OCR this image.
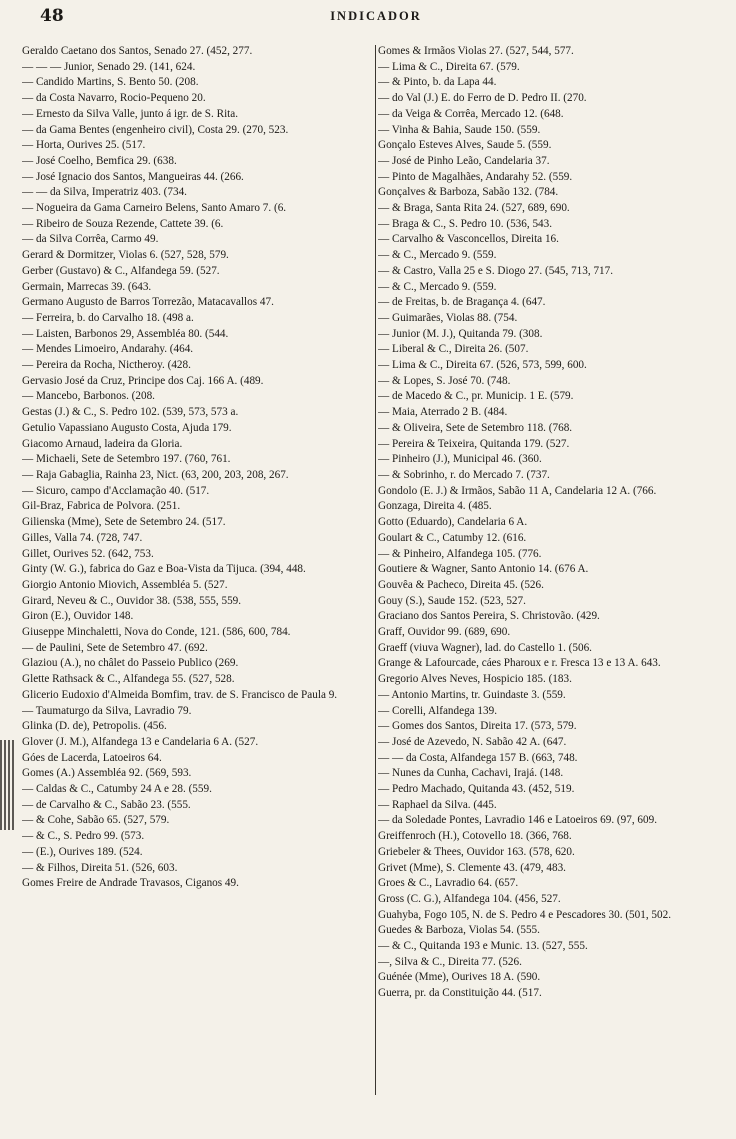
48	INDICADOR
Geraldo Caetano dos Santos, Senado 27. (452, 277.
— — — Junior, Senado 29. (141, 624.
— Candido Martins, S. Bento 50. (208.
— da Costa Navarro, Rocio-Pequeno 20.
— Ernesto da Silva Valle, junto á igr. de S. Rita.
— da Gama Bentes (engenheiro civil), Costa 29. (270, 523.
— Horta, Ourives 25. (517.
— José Coelho, Bemfica 29. (638.
— José Ignacio dos Santos, Mangueiras 44. (266.
— — da Silva, Imperatriz 403. (734.
— Nogueira da Gama Carneiro Belens, Santo Amaro 7. (6.
— Ribeiro de Souza Rezende, Cattete 39. (6.
— da Silva Corrêa, Carmo 49.
Gerard & Dormitzer, Violas 6. (527, 528, 579.
Gerber (Gustavo) & C., Alfandega 59. (527.
Germain, Marrecas 39. (643.
Germano Augusto de Barros Torrezão, Matacavallos 47.
— Ferreira, b. do Carvalho 18. (498 a.
— Laisten, Barbonos 29, Assembléa 80. (544.
— Mendes Limoeiro, Andarahy. (464.
— Pereira da Rocha, Nictheroy. (428.
Gervasio José da Cruz, Principe dos Caj. 166 A. (489.
— Mancebo, Barbonos. (208.
Gestas (J.) & C., S. Pedro 102. (539, 573, 573 a.
Getulio Vapassiano Augusto Costa, Ajuda 179.
Giacomo Arnaud, ladeira da Gloria.
— Michaeli, Sete de Setembro 197. (760, 761.
— Raja Gabaglia, Rainha 23, Nict. (63, 200, 203, 208, 267.
— Sicuro, campo d'Acclamação 40. (517.
Gil-Braz, Fabrica de Polvora. (251.
Gilienska (Mme), Sete de Setembro 24. (517.
Gilles, Valla 74. (728, 747.
Gillet, Ourives 52. (642, 753.
Ginty (W. G.), fabrica do Gaz e Boa-Vista da Tijuca. (394, 448.
Giorgio Antonio Miovich, Assembléa 5. (527.
Girard, Neveu & C., Ouvidor 38. (538, 555, 559.
Giron (E.), Ouvidor 148.
Giuseppe Minchaletti, Nova do Conde, 121. (586, 600, 784.
— de Paulini, Sete de Setembro 47. (692.
Glaziou (A.), no châlet do Passeio Publico (269.
Glette Rathsack & C., Alfandega 55. (527, 528.
Glicerio Eudoxio d'Almeida Bomfim, trav. de S. Francisco de Paula 9.
— Taumaturgo da Silva, Lavradio 79.
Glinka (D. de), Petropolis. (456.
Glover (J. M.), Alfandega 13 e Candelaria 6 A. (527.
Góes de Lacerda, Latoeiros 64.
Gomes (A.) Assembléa 92. (569, 593.
— Caldas & C., Catumby 24 A e 28. (559.
— de Carvalho & C., Sabão 23. (555.
— & Cohe, Sabão 65. (527, 579.
— & C., S. Pedro 99. (573.
— (E.), Ourives 189. (524.
— & Filhos, Direita 51. (526, 603.
Gomes Freire de Andrade Travasos, Ciganos 49.
Gomes & Irmãos Violas 27. (527, 544, 577.
— Lima & C., Direita 67. (579.
— & Pinto, b. da Lapa 44.
— do Val (J.) E. do Ferro de D. Pedro II. (270.
— da Veiga & Corrêa, Mercado 12. (648.
— Vinha & Bahia, Saude 150. (559.
Gonçalo Esteves Alves, Saude 5. (559.
— José de Pinho Leão, Candelaria 37.
— Pinto de Magalhães, Andarahy 52. (559.
Gonçalves & Barboza, Sabão 132. (784.
— & Braga, Santa Rita 24. (527, 689, 690.
— Braga & C., S. Pedro 10. (536, 543.
— Carvalho & Vasconcellos, Direita 16.
— & C., Mercado 9. (559.
— & Castro, Valla 25 e S. Diogo 27. (545, 713, 717.
— & C., Mercado 9. (559.
— de Freitas, b. de Bragança 4. (647.
— Guimarães, Violas 88. (754.
— Junior (M. J.), Quitanda 79. (308.
— Liberal & C., Direita 26. (507.
— Lima & C., Direita 67. (526, 573, 599, 600.
— & Lopes, S. José 70. (748.
— de Macedo & C., pr. Municip. 1 E. (579.
— Maia, Aterrado 2 B. (484.
— & Oliveira, Sete de Setembro 118. (768.
— Pereira & Teixeira, Quitanda 179. (527.
— Pinheiro (J.), Municipal 46. (360.
— & Sobrinho, r. do Mercado 7. (737.
Gondolo (E. J.) & Irmãos, Sabão 11 A, Candelaria 12 A. (766.
Gonzaga, Direita 4. (485.
Gotto (Eduardo), Candelaria 6 A.
Goulart & C., Catumby 12. (616.
— & Pinheiro, Alfandega 105. (776.
Goutiere & Wagner, Santo Antonio 14. (676 A.
Gouvêa & Pacheco, Direita 45. (526.
Gouy (S.), Saude 152. (523, 527.
Graciano dos Santos Pereira, S. Christovão. (429.
Graff, Ouvidor 99. (689, 690.
Graeff (viuva Wagner), lad. do Castello 1. (506.
Grange & Lafourcade, cáes Pharoux e r. Fresca 13 e 13 A. 643.
Gregorio Alves Neves, Hospicio 185. (183.
— Antonio Martins, tr. Guindaste 3. (559.
— Corelli, Alfandega 139.
— Gomes dos Santos, Direita 17. (573, 579.
— José de Azevedo, N. Sabão 42 A. (647.
— — da Costa, Alfandega 157 B. (663, 748.
— Nunes da Cunha, Cachavi, Irajá. (148.
— Pedro Machado, Quitanda 43. (452, 519.
— Raphael da Silva. (445.
— da Soledade Pontes, Lavradio 146 e Latoeiros 69. (97, 609.
Greiffenroch (H.), Cotovello 18. (366, 768.
Griebeler & Thees, Ouvidor 163. (578, 620.
Grivet (Mme), S. Clemente 43. (479, 483.
Groes & C., Lavradio 64. (657.
Gross (C. G.), Alfandega 104. (456, 527.
Guahyba, Fogo 105, N. de S. Pedro 4 e Pescadores 30. (501, 502.
Guedes & Barboza, Violas 54. (555.
— & C., Quitanda 193 e Munic. 13. (527, 555.
—, Silva & C., Direita 77. (526.
Guénée (Mme), Ourives 18 A. (590.
Guerra, pr. da Constituição 44. (517.
